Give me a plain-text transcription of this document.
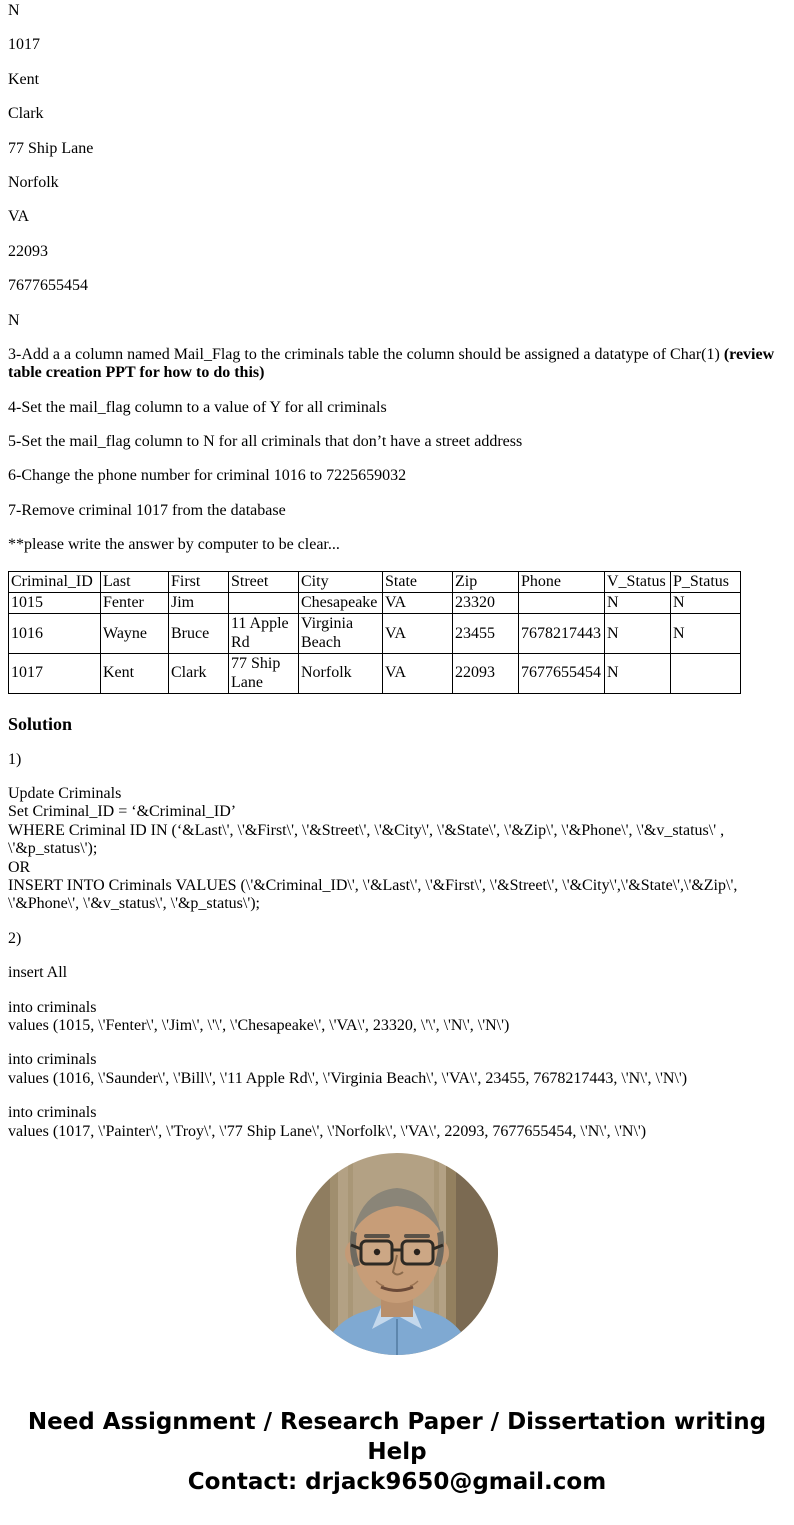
N

1017

Kent

Clark

77 Ship Lane

Norfolk

VA

22093

7677655454

N

3-Add a a column named Mail_Flag to the criminals table the column should be assigned a datatype of Char(1) (review table creation PPT for how to do this)

4-Set the mail_flag column to a value of Y for all criminals

5-Set the mail_flag column to N for all criminals that don’t have a street address

6-Change the phone number for criminal 1016 to 7225659032

7-Remove criminal 1017 from the database

**please write the answer by computer to be clear...

Criminal_ID	Last	First	Street	City	State	Zip	Phone	V_Status	P_Status
1015	Fenter	Jim		Chesapeake	VA	23320		N	N
1016	Wayne	Bruce	11 Apple Rd	Virginia Beach	VA	23455	7678217443	N	N
1017	Kent	Clark	77 Ship Lane	Norfolk	VA	22093	7677655454	N	
Solution

1)

Update Criminals
Set Criminal_ID = ‘&Criminal_ID’
WHERE Criminal ID IN (‘&Last\', \'&First\', \'&Street\', \'&City\', \'&State\', \'&Zip\', \'&Phone\', \'&v_status\' , \'&p_status\');
OR
INSERT INTO Criminals VALUES (\'&Criminal_ID\', \'&Last\', \'&First\', \'&Street\', \'&City\',\'&State\',\'&Zip\', \'&Phone\', \'&v_status\', \'&p_status\');

2)

insert All

into criminals
values (1015, \'Fenter\', \'Jim\', \'\', \'Chesapeake\', \'VA\', 23320, \'\', \'N\', \'N\')

into criminals
values (1016, \'Saunder\', \'Bill\', \'11 Apple Rd\', \'Virginia Beach\', \'VA\', 23455, 7678217443, \'N\', \'N\')

into criminals
values (1017, \'Painter\', \'Troy\', \'77 Ship Lane\', \'Norfolk\', \'VA\', 22093, 7677655454, \'N\', \'N\')

Need Assignment / Research Paper / Dissertation writing Help
Contact: drjack9650@gmail.com
